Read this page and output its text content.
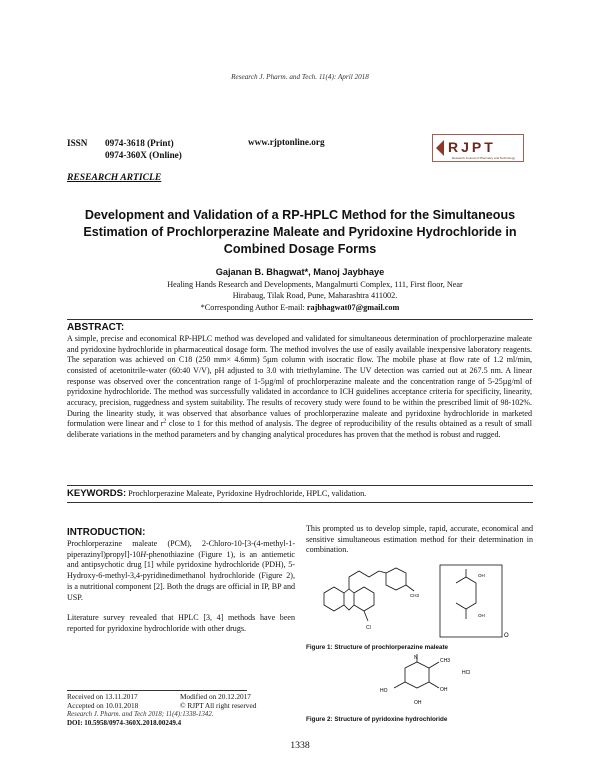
Research J. Pharm. and Tech. 11(4): April 2018
ISSN 0974-3618 (Print)
0974-360X (Online)
www.rjptonline.org	RJPT
Research Journal of Pharmacy and Technology
RESEARCH ARTICLE
Development and Validation of a RP-HPLC Method for the Simultaneous Estimation of Prochlorperazine Maleate and Pyridoxine Hydrochloride in Combined Dosage Forms
Gajanan B. Bhagwat*, Manoj Jaybhaye
Healing Hands Research and Developments, Mangalmurti Complex, 111, First floor, Near Hirabaug, Tilak Road, Pune, Maharashtra 411002.
*Corresponding Author E-mail: rajbhagwat07@gmail.com
ABSTRACT:
A simple, precise and economical RP-HPLC method was developed and validated for simultaneous determination of prochlorperazine maleate and pyridoxine hydrochloride in pharmaceutical dosage form. The method involves the use of easily available inexpensive laboratory reagents. The separation was achieved on C18 (250 mm× 4.6mm) 5µm column with isocratic flow. The mobile phase at flow rate of 1.2 ml/min, consisted of acetonitrile-water (60:40 V/V), pH adjusted to 3.0 with triethylamine. The UV detection was carried out at 267.5 nm. A linear response was observed over the concentration range of 1-5µg/ml of prochlorperazine maleate and the concentration range of 5-25µg/ml of pyridoxine hydrochloride. The method was successfully validated in accordance to ICH guidelines acceptance criteria for specificity, linearity, accuracy, precision, ruggedness and system suitability. The results of recovery study were found to be within the prescribed limit of 98-102%. During the linearity study, it was observed that absorbance values of prochlorperazine maleate and pyridoxine hydrochloride in marketed formulation were linear and $r^2$ close to 1 for this method of analysis. The degree of reproducibility of the results obtained as a result of small deliberate variations in the method parameters and by changing analytical procedures has proven that the method is robust and rugged.
KEYWORDS: Prochlorperazine Maleate, Pyridoxine Hydrochloride, HPLC, validation.
INTRODUCTION:

Prochlorperazine maleate (PCM), 2-Chloro-10-[3-(4-methyl-1-piperazinyl)propyl]-10H-phenothiazine (Figure 1), is an antiemetic and antipsychotic drug [1] while pyridoxine hydrochloride (PDH), 5-Hydroxy-6-methyl-3,4-pyridinedimethanol hydrochloride (Figure 2), is a nutritional component [2]. Both the drugs are official in IP, BP and USP.

Literature survey revealed that HPLC [3, 4] methods have been reported for pyridoxine hydrochloride with other drugs.

This prompted us to develop simple, rapid, accurate, economical and sensitive simultaneous estimation method for their determination in combination.
Cl
CH3
OH
OH
O
Figure 1: Structure of prochlorperazine maleate
HO
CH3
OH
OH
HCl
N
Figure 2: Structure of pyridoxine hydrochloride
Received on 13.11.2017	Modified on 20.12.2017
Accepted on 10.01.2018	© RJPT All right reserved
Research J. Pharm. and Tech 2018; 11(4):1338-1342.
DOI: 10.5958/0974-360X.2018.00249.4
1338
